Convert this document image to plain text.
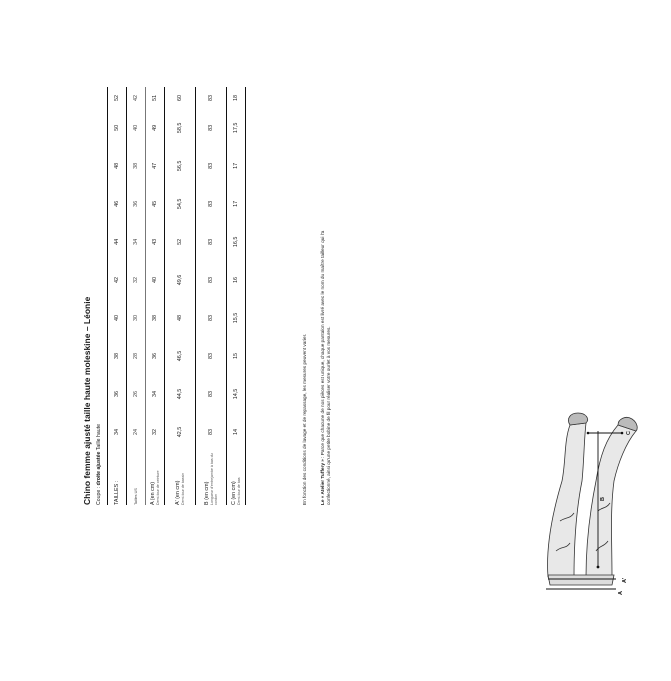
Chino femme ajusté taille haute moleskine – Léonie Coupe : droite ajustée Taille haute
TAILLES :	34	36	38	40	42	44	46	48	50	52
Tailles US	24	26	28	30	32	34	36	38	40	42
A (en cm) Demi-tour de ceinture	32	34	36	38	40	43	45	47	49	51
A' (en cm) Demi-tour de bassin	42,5	44,5	46,5	48	49,6	52	54,5	56,5	58,5	60
B (en cm) Longueur d'entrejambe à bas du cordon	83	83	83	83	83	83	83	83	83	83
C (en cm) Demi-tour de bas	14	14,5	15	15,5	16	16,5	17	17	17,5	18
En fonction des conditions de lavage et de repassage, les mesures peuvent varier.	Le « Atelier Tuffery » : Parce que chacune de nos pièces est unique, chaque pantalon est livré avec le nom du maître tailleur qui l'a
confectionné, ainsi qu'une petite bobine de fil pour réaliser votre ourlet à vos mesures.
A
A'
B
C
